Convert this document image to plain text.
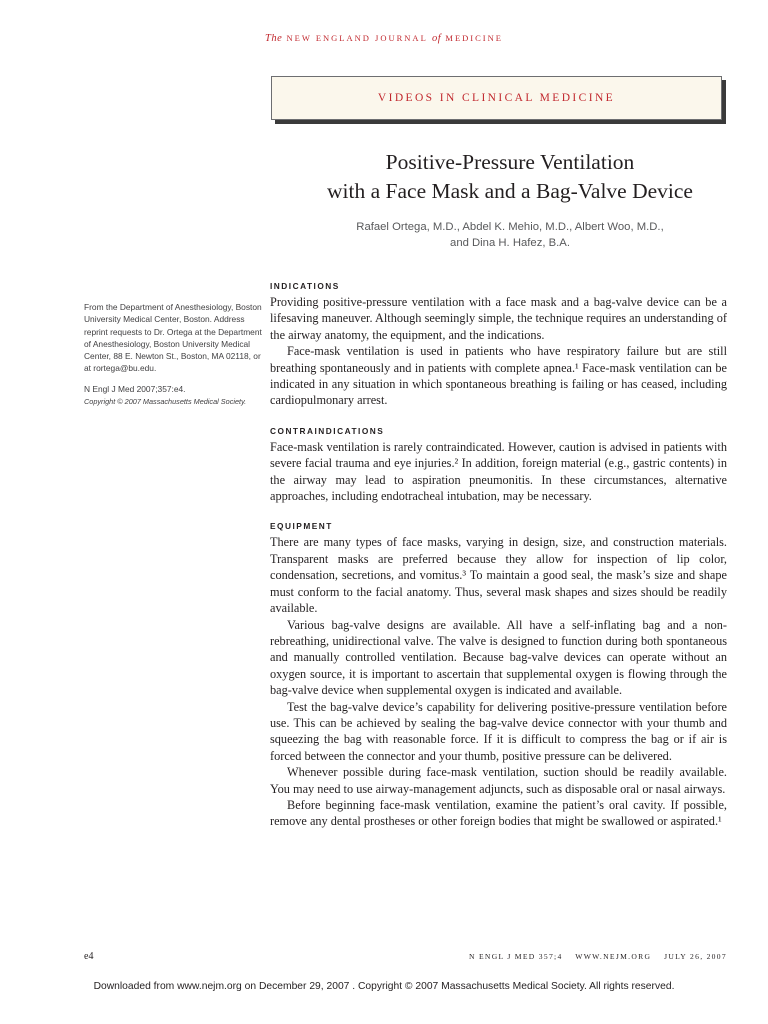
The NEW ENGLAND JOURNAL of MEDICINE
VIDEOS IN CLINICAL MEDICINE
Positive-Pressure Ventilation
with a Face Mask and a Bag-Valve Device
Rafael Ortega, M.D., Abdel K. Mehio, M.D., Albert Woo, M.D.,
and Dina H. Hafez, B.A.

From the Department of Anesthesiology, Boston University Medical Center, Boston. Address reprint requests to Dr. Ortega at the Department of Anesthesiology, Boston University Medical Center, 88 E. Newton St., Boston, MA 02118, or at rortega@bu.edu.

N Engl J Med 2007;357:e4.

Copyright © 2007 Massachusetts Medical Society.

INDICATIONS

Providing positive-pressure ventilation with a face mask and a bag-valve device can be a lifesaving maneuver. Although seemingly simple, the technique requires an understanding of the airway anatomy, the equipment, and the indications.

Face-mask ventilation is used in patients who have respiratory failure but are still breathing spontaneously and in patients with complete apnea.¹ Face-mask ventilation can be indicated in any situation in which spontaneous breathing is failing or has ceased, including cardiopulmonary arrest.

CONTRAINDICATIONS

Face-mask ventilation is rarely contraindicated. However, caution is advised in patients with severe facial trauma and eye injuries.² In addition, foreign material (e.g., gastric contents) in the airway may lead to aspiration pneumonitis. In these circumstances, alternative approaches, including endotracheal intubation, may be necessary.

EQUIPMENT

There are many types of face masks, varying in design, size, and construction materials. Transparent masks are preferred because they allow for inspection of lip color, condensation, secretions, and vomitus.³ To maintain a good seal, the mask’s size and shape must conform to the facial anatomy. Thus, several mask shapes and sizes should be readily available.

Various bag-valve designs are available. All have a self-inflating bag and a non-rebreathing, unidirectional valve. The valve is designed to function during both spontaneous and manually controlled ventilation. Because bag-valve devices can operate without an oxygen source, it is important to ascertain that supplemental oxygen is flowing through the bag-valve device when supplemental oxygen is indicated and available.

Test the bag-valve device’s capability for delivering positive-pressure ventilation before use. This can be achieved by sealing the bag-valve device connector with your thumb and squeezing the bag with reasonable force. If it is difficult to compress the bag or if air is forced between the connector and your thumb, positive pressure can be delivered.

Whenever possible during face-mask ventilation, suction should be readily available. You may need to use airway-management adjuncts, such as disposable oral or nasal airways.

Before beginning face-mask ventilation, examine the patient’s oral cavity. If possible, remove any dental prostheses or other foreign bodies that might be swallowed or aspirated.¹

e4	N ENGL J MED 357;4    WWW.NEJM.ORG    JULY 26, 2007
Downloaded from www.nejm.org on December 29, 2007 . Copyright © 2007 Massachusetts Medical Society. All rights reserved.
